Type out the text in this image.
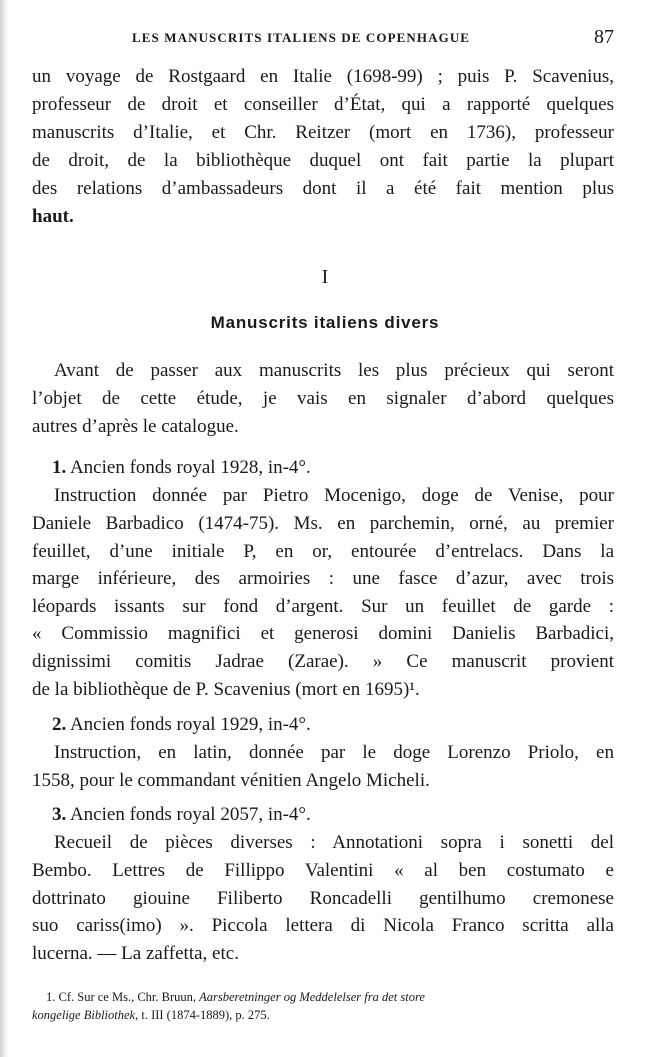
LES MANUSCRITS ITALIENS DE COPENHAGUE	87
un voyage de Rostgaard en Italie (1698-99) ; puis P. Scavenius,
professeur de droit et conseiller d’État, qui a rapporté quelques
manuscrits d’Italie, et Chr. Reitzer (mort en 1736), professeur
de droit, de la bibliothèque duquel ont fait partie la plupart
des relations d’ambassadeurs dont il a été fait mention plus
haut.
I
Manuscrits italiens divers
Avant de passer aux manuscrits les plus précieux qui seront
l’objet de cette étude, je vais en signaler d’abord quelques
autres d’après le catalogue.
1. Ancien fonds royal 1928, in-4°.
Instruction donnée par Pietro Mocenigo, doge de Venise, pour
Daniele Barbadico (1474-75). Ms. en parchemin, orné, au premier
feuillet, d’une initiale P, en or, entourée d’entrelacs. Dans la
marge inférieure, des armoiries : une fasce d’azur, avec trois
léopards issants sur fond d’argent. Sur un feuillet de garde :
« Commissio magnifici et generosi domini Danielis Barbadici,
dignissimi comitis Jadrae (Zarae). » Ce manuscrit provient
de la bibliothèque de P. Scavenius (mort en 1695)¹.
2. Ancien fonds royal 1929, in-4°.
Instruction, en latin, donnée par le doge Lorenzo Priolo, en
1558, pour le commandant vénitien Angelo Micheli.
3. Ancien fonds royal 2057, in-4°.
Recueil de pièces diverses : Annotationi sopra i sonetti del
Bembo. Lettres de Fillippo Valentini « al ben costumato e
dottrinato giouine Filiberto Roncadelli gentilhumo cremonese
suo cariss(imo) ». Piccola lettera di Nicola Franco scritta alla
lucerna. — La zaffetta, etc.
1. Cf. Sur ce Ms., Chr. Bruun, Aarsberetninger og Meddelelser fra det store
kongelige Bibliothek, t. III (1874-1889), p. 275.
